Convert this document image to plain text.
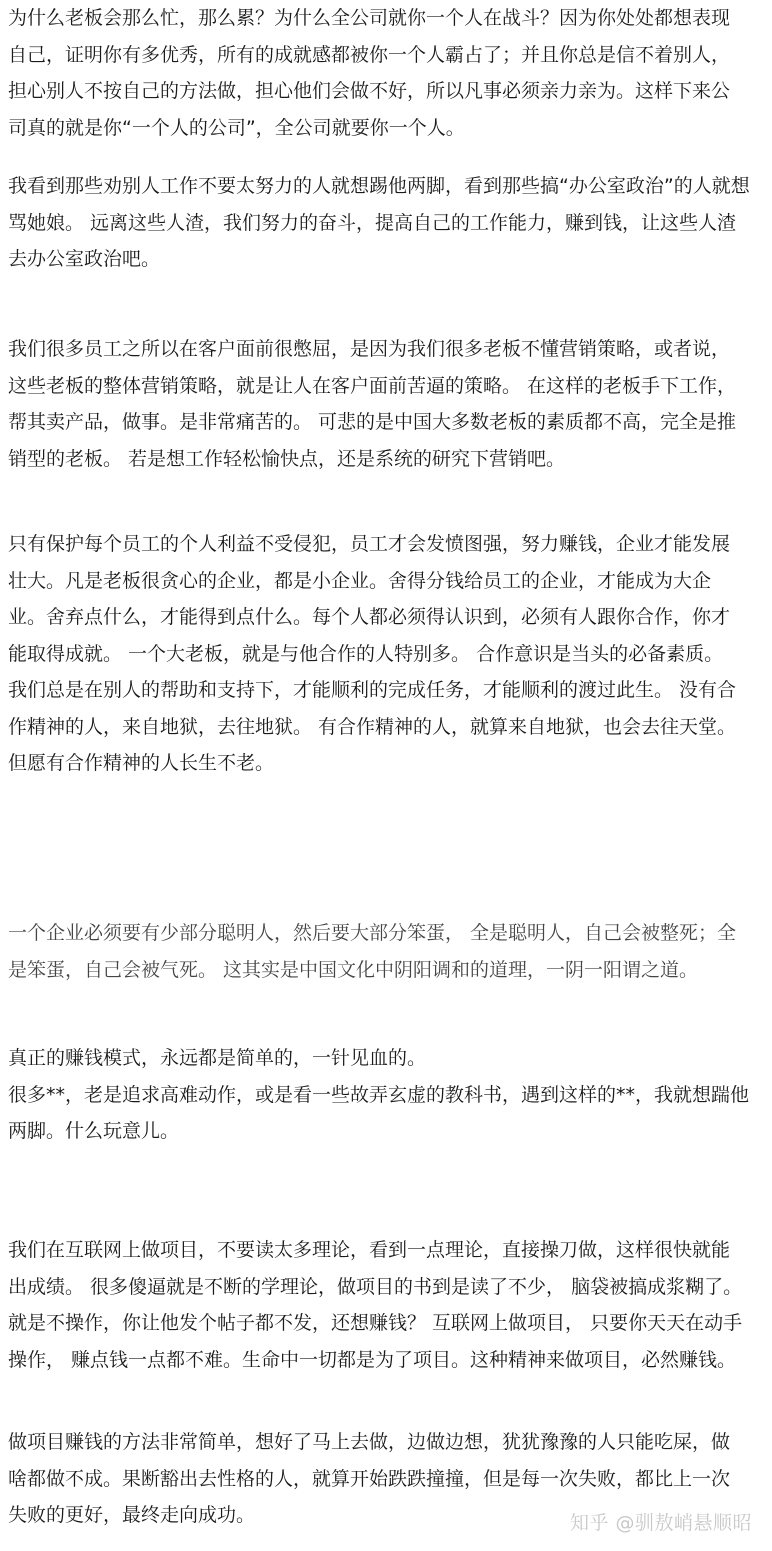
为什么老板会那么忙，那么累？为什么全公司就你一个人在战斗？因为你处处都想表现
自己，证明你有多优秀，所有的成就感都被你一个人霸占了；并且你总是信不着别人，
担心别人不按自己的方法做，担心他们会做不好，所以凡事必须亲力亲为。这样下来公
司真的就是你“一个人的公司”，全公司就要你一个人。

我看到那些劝别人工作不要太努力的人就想踢他两脚，看到那些搞“办公室政治”的人就想
骂她娘。 远离这些人渣，我们努力的奋斗，提高自己的工作能力，赚到钱，让这些人渣
去办公室政治吧。

我们很多员工之所以在客户面前很憋屈，是因为我们很多老板不懂营销策略，或者说，
这些老板的整体营销策略，就是让人在客户面前苦逼的策略。 在这样的老板手下工作，
帮其卖产品，做事。是非常痛苦的。 可悲的是中国大多数老板的素质都不高，完全是推
销型的老板。 若是想工作轻松愉快点，还是系统的研究下营销吧。

只有保护每个员工的个人利益不受侵犯，员工才会发愤图强，努力赚钱，企业才能发展
壮大。凡是老板很贪心的企业，都是小企业。舍得分钱给员工的企业，才能成为大企
业。舍弃点什么，才能得到点什么。每个人都必须得认识到，必须有人跟你合作，你才
能取得成就。 一个大老板，就是与他合作的人特别多。 合作意识是当头的必备素质。
我们总是在别人的帮助和支持下，才能顺利的完成任务，才能顺利的渡过此生。 没有合
作精神的人，来自地狱，去往地狱。 有合作精神的人，就算来自地狱，也会去往天堂。
但愿有合作精神的人长生不老。

一个企业必须要有少部分聪明人，然后要大部分笨蛋， 全是聪明人，自己会被整死；全
是笨蛋，自己会被气死。 这其实是中国文化中阴阳调和的道理，一阴一阳谓之道。

真正的赚钱模式，永远都是简单的，一针见血的。
很多**，老是追求高难动作，或是看一些故弄玄虚的教科书，遇到这样的**，我就想踹他
两脚。什么玩意儿。

我们在互联网上做项目，不要读太多理论，看到一点理论，直接操刀做，这样很快就能
出成绩。 很多傻逼就是不断的学理论，做项目的书到是读了不少， 脑袋被搞成浆糊了。
就是不操作，你让他发个帖子都不发，还想赚钱？ 互联网上做项目， 只要你天天在动手
操作， 赚点钱一点都不难。生命中一切都是为了项目。这种精神来做项目，必然赚钱。

做项目赚钱的方法非常简单，想好了马上去做，边做边想，犹犹豫豫的人只能吃屎，做
啥都做不成。果断豁出去性格的人，就算开始跌跌撞撞，但是每一次失败，都比上一次
失败的更好，最终走向成功。	知乎 @驯敖峭悬顺昭
